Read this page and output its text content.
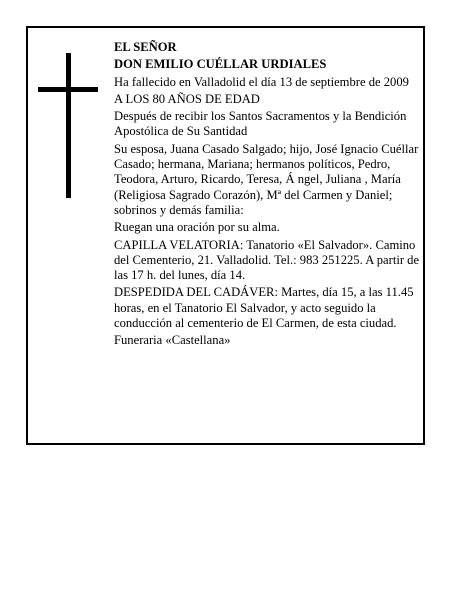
EL SEÑOR

DON EMILIO CUÉLLAR URDIALES

Ha fallecido en Valladolid el día 13 de septiembre de 2009

A LOS 80 AÑOS DE EDAD

Después de recibir los Santos Sacramentos y la Bendición Apostólica de Su Santidad

Su esposa, Juana Casado Salgado; hijo, José Ignacio Cuéllar Casado; hermana, Mariana; hermanos políticos, Pedro, Teodora, Arturo, Ricardo, Teresa, Á ngel, Juliana , María (Religiosa Sagrado Corazón), Mª del Carmen y Daniel; sobrinos y demás familia:

Ruegan una oración por su alma.

CAPILLA VELATORIA: Tanatorio «El Salvador». Camino del Cementerio, 21. Valladolid. Tel.: 983 251225. A partir de las 17 h. del lunes, día 14.

DESPEDIDA DEL CADÁVER: Martes, día 15, a las 11.45 horas, en el Tanatorio El Salvador, y acto seguido la conducción al cementerio de El Carmen, de esta ciudad.

Funeraria «Castellana»
